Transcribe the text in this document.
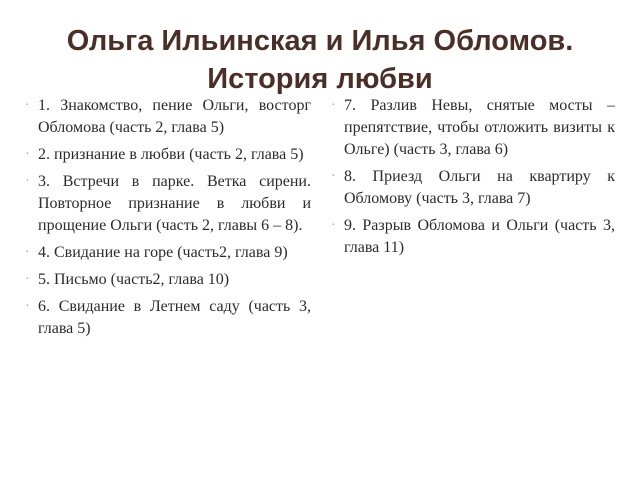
Ольга Ильинская и Илья Обломов.
История любви
· 1. Знакомство, пение Ольги, восторг Обломова (часть 2, глава 5)
· 2. признание в любви (часть 2, глава 5)
· 3. Встречи в парке. Ветка сирени. Повторное признание в любви и прощение Ольги (часть 2, главы 6 – 8).
· 4. Свидание на горе (часть2, глава 9)
· 5. Письмо (часть2, глава 10)
· 6. Свидание в Летнем саду (часть 3, глава 5)
· 7. Разлив Невы, снятые мосты – препятствие, чтобы отложить визиты к Ольге) (часть 3, глава 6)
· 8. Приезд Ольги на квартиру к Обломову (часть 3, глава 7)
· 9. Разрыв Обломова и Ольги (часть 3, глава 11)
